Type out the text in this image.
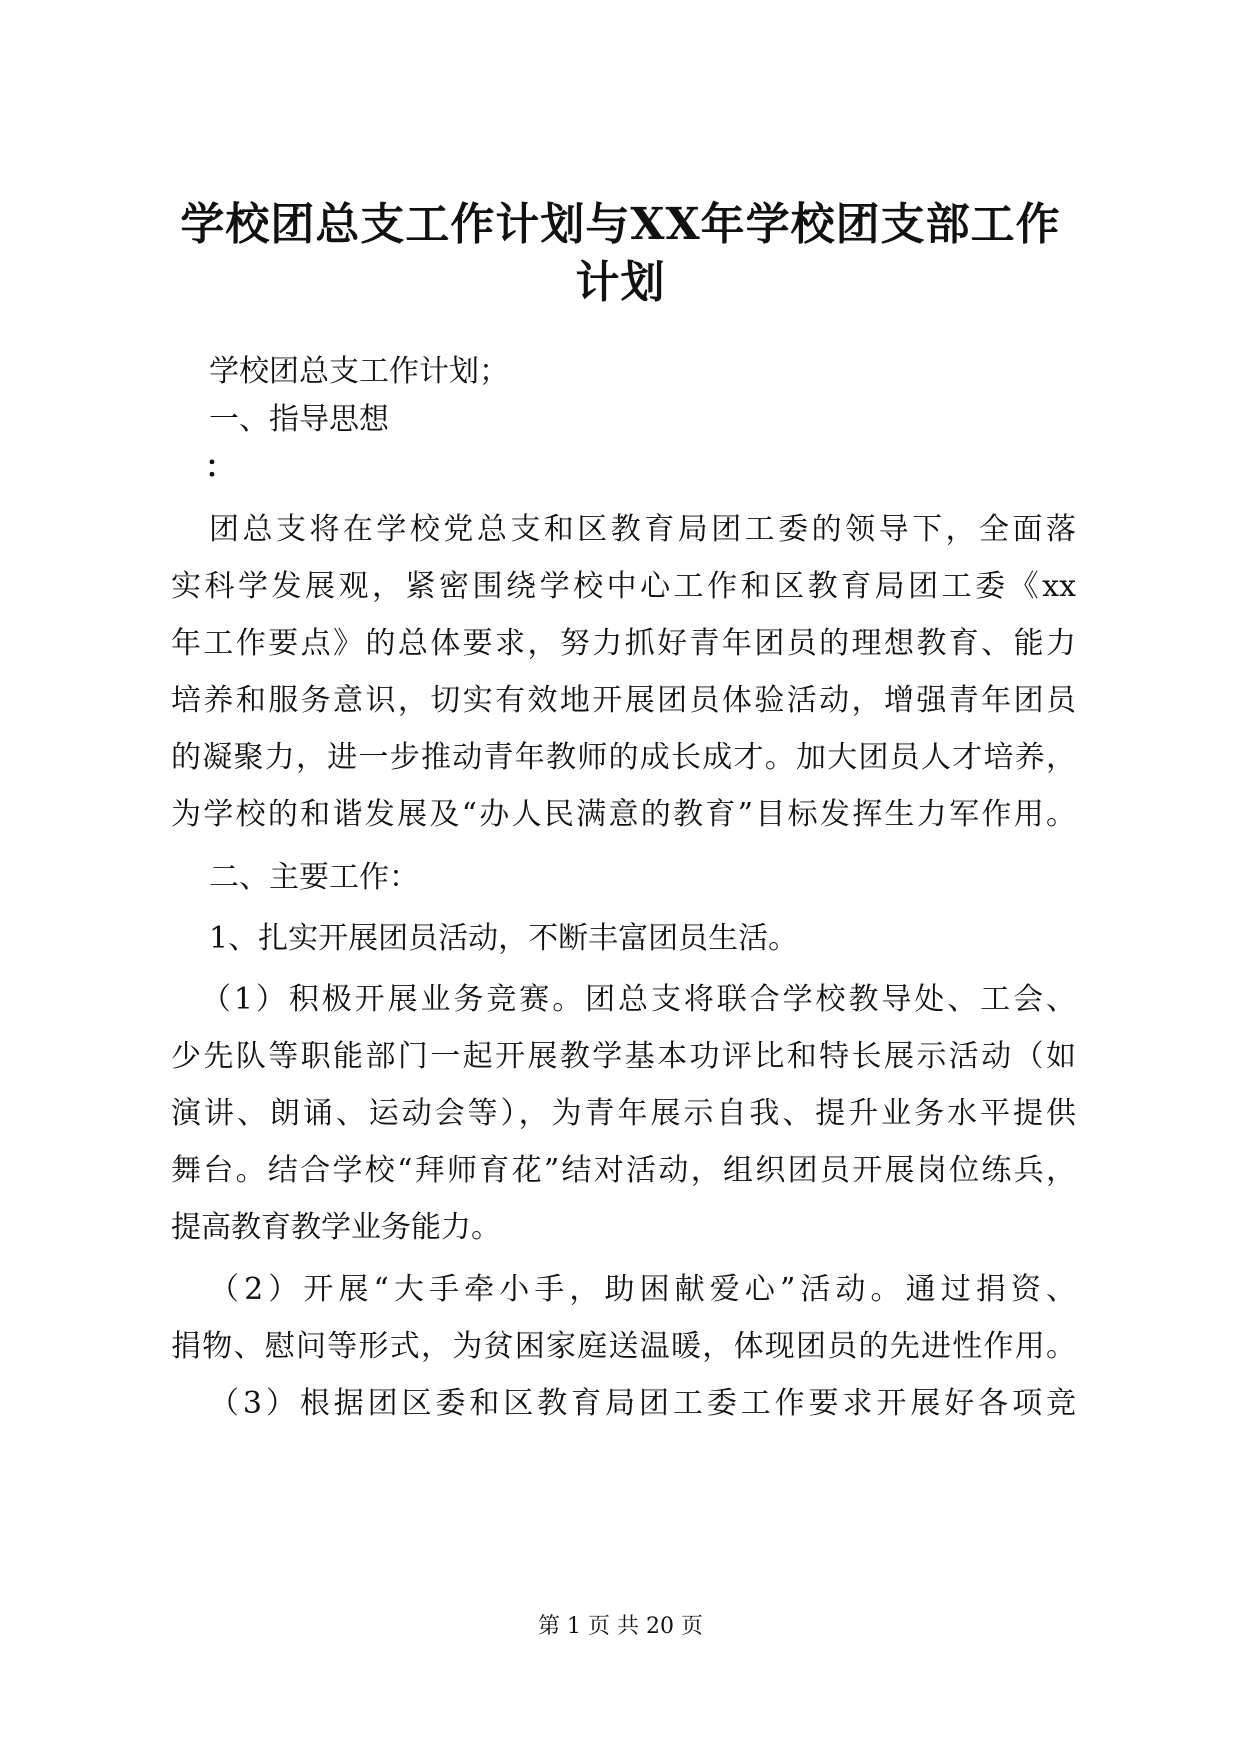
学校团总支工作计划与XX年学校团支部工作
计划
学校团总支工作计划；
一、指导思想
：
团总支将在学校党总支和区教育局团工委的领导下，全面落
实科学发展观，紧密围绕学校中心工作和区教育局团工委《xx
年工作要点》的总体要求，努力抓好青年团员的理想教育、能力
培养和服务意识，切实有效地开展团员体验活动，增强青年团员
的凝聚力，进一步推动青年教师的成长成才。加大团员人才培养，
为学校的和谐发展及“办人民满意的教育”目标发挥生力军作用。
二、主要工作：
1、扎实开展团员活动，不断丰富团员生活。
（1）积极开展业务竞赛。团总支将联合学校教导处、工会、
少先队等职能部门一起开展教学基本功评比和特长展示活动（如
演讲、朗诵、运动会等），为青年展示自我、提升业务水平提供
舞台。结合学校“拜师育花”结对活动，组织团员开展岗位练兵，
提高教育教学业务能力。
（2）开展“大手牵小手，助困献爱心”活动。通过捐资、
捐物、慰问等形式，为贫困家庭送温暖，体现团员的先进性作用。
（3）根据团区委和区教育局团工委工作要求开展好各项竞
第 1 页 共 20 页
